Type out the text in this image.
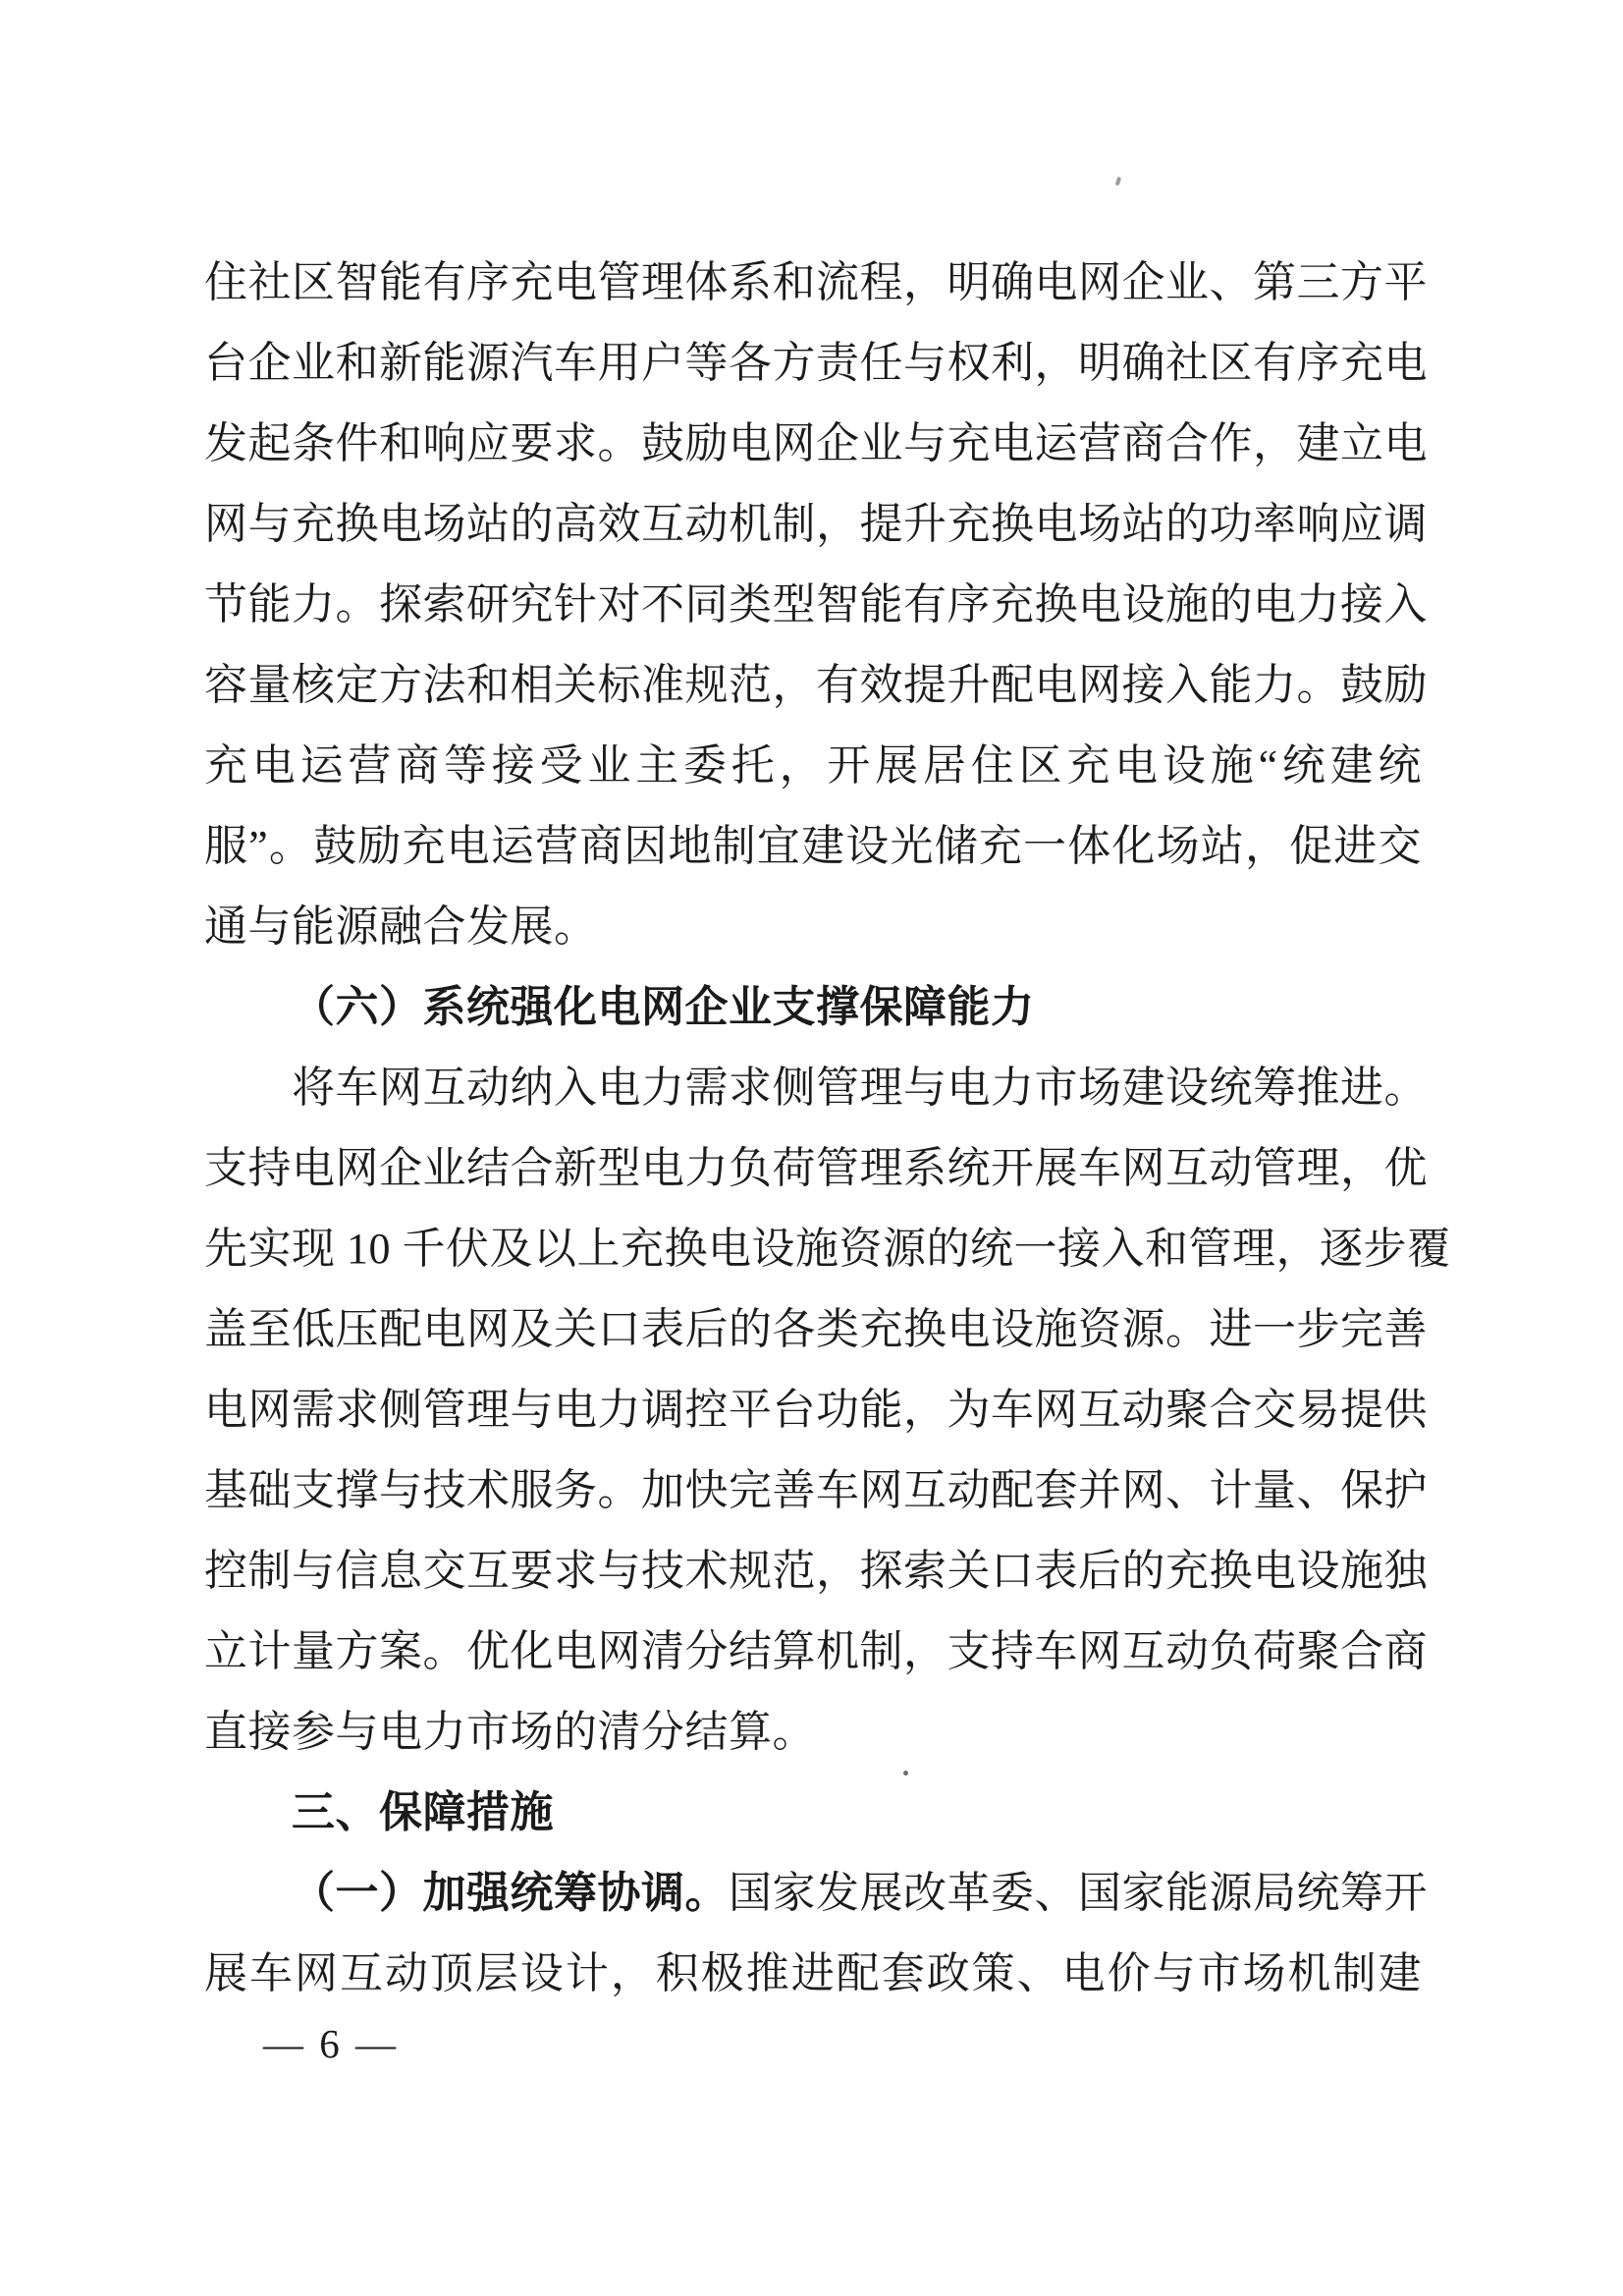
住社区智能有序充电管理体系和流程，明确电网企业、第三方平
台企业和新能源汽车用户等各方责任与权利，明确社区有序充电
发起条件和响应要求。鼓励电网企业与充电运营商合作，建立电
网与充换电场站的高效互动机制，提升充换电场站的功率响应调
节能力。探索研究针对不同类型智能有序充换电设施的电力接入
容量核定方法和相关标准规范，有效提升配电网接入能力。鼓励
充电运营商等接受业主委托，开展居住区充电设施“统建统
服”。鼓励充电运营商因地制宜建设光储充一体化场站，促进交
通与能源融合发展。
（六）系统强化电网企业支撑保障能力
将车网互动纳入电力需求侧管理与电力市场建设统筹推进。
支持电网企业结合新型电力负荷管理系统开展车网互动管理，优
先实现 10 千伏及以上充换电设施资源的统一接入和管理，逐步覆
盖至低压配电网及关口表后的各类充换电设施资源。进一步完善
电网需求侧管理与电力调控平台功能，为车网互动聚合交易提供
基础支撑与技术服务。加快完善车网互动配套并网、计量、保护
控制与信息交互要求与技术规范，探索关口表后的充换电设施独
立计量方案。优化电网清分结算机制，支持车网互动负荷聚合商
直接参与电力市场的清分结算。
三、保障措施
（一）加强统筹协调。国家发展改革委、国家能源局统筹开
展车网互动顶层设计，积极推进配套政策、电价与市场机制建
— 6 —
